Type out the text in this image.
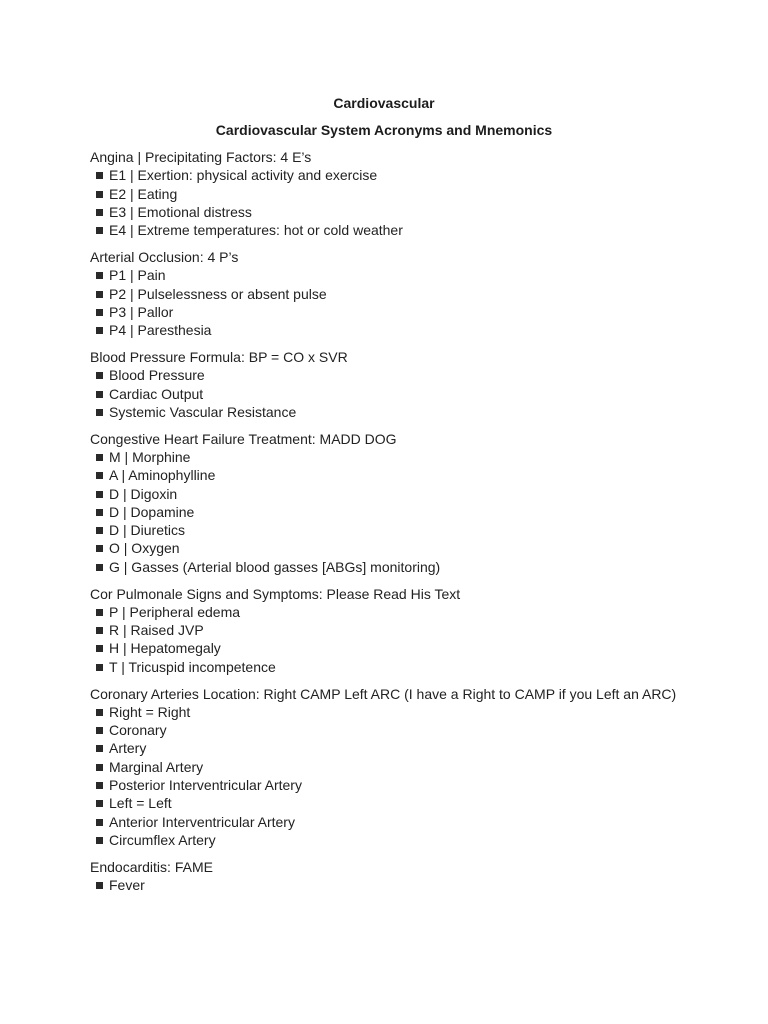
Cardiovascular
Cardiovascular System Acronyms and Mnemonics
Angina | Precipitating Factors: 4 E’s
E1 | Exertion: physical activity and exercise
E2 | Eating
E3 | Emotional distress
E4 | Extreme temperatures: hot or cold weather
Arterial Occlusion: 4 P’s
P1 | Pain
P2 | Pulselessness or absent pulse
P3 | Pallor
P4 | Paresthesia
Blood Pressure Formula: BP = CO x SVR
Blood Pressure
Cardiac Output
Systemic Vascular Resistance
Congestive Heart Failure Treatment: MADD DOG
M | Morphine
A | Aminophylline
D | Digoxin
D | Dopamine
D | Diuretics
O | Oxygen
G | Gasses (Arterial blood gasses [ABGs] monitoring)
Cor Pulmonale Signs and Symptoms: Please Read His Text
P | Peripheral edema
R | Raised JVP
H | Hepatomegaly
T | Tricuspid incompetence
Coronary Arteries Location: Right CAMP Left ARC (I have a Right to CAMP if you Left an ARC)
Right = Right
Coronary
Artery
Marginal Artery
Posterior Interventricular Artery
Left = Left
Anterior Interventricular Artery
Circumflex Artery
Endocarditis: FAME
Fever
